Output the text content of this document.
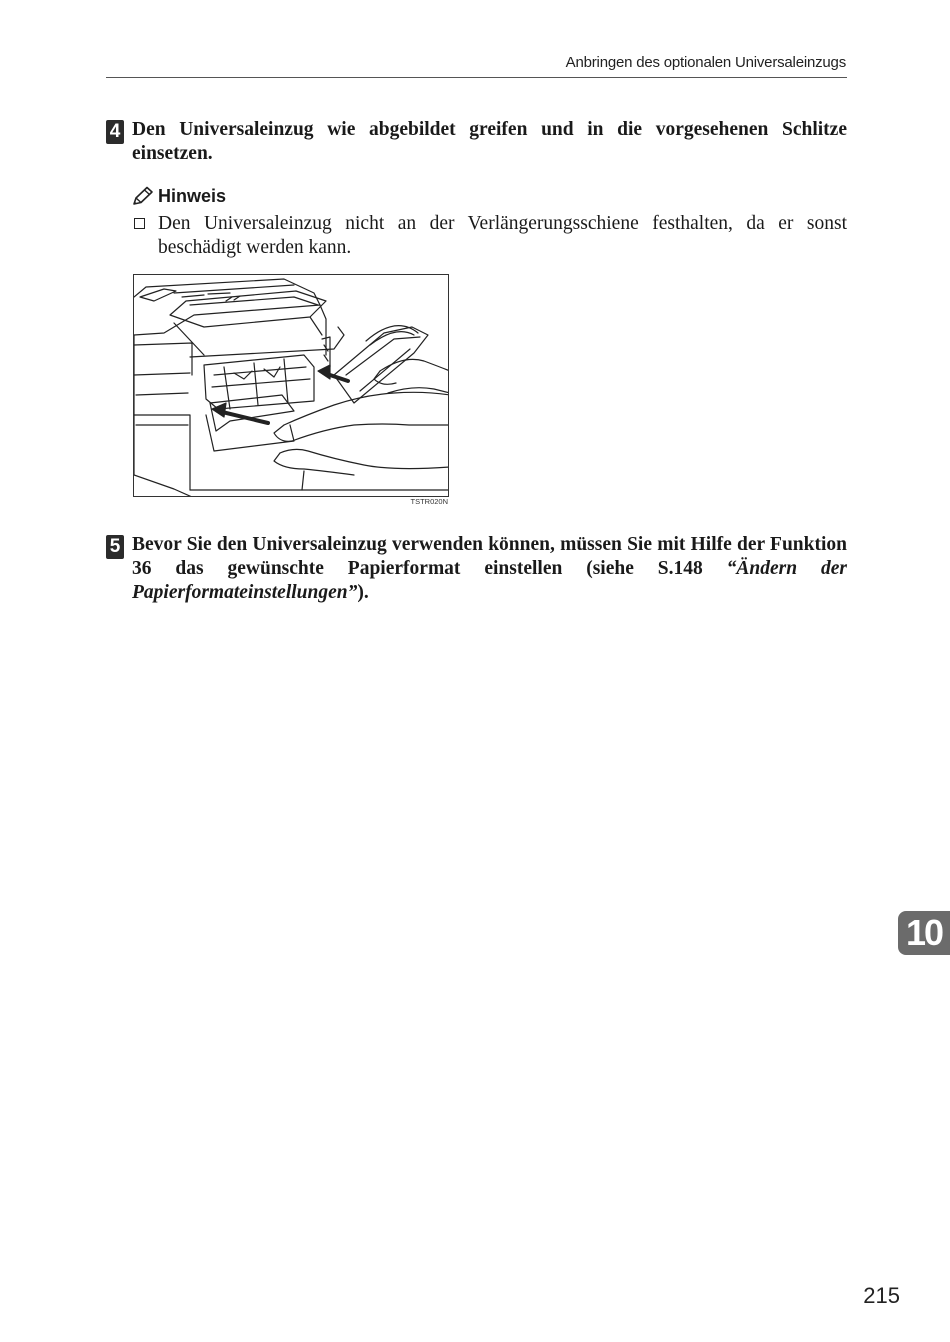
Anbringen des optionalen Universaleinzugs
4 Den Universaleinzug wie abgebildet greifen und in die vorgesehenen Schlitze einsetzen.
Hinweis
Den Universaleinzug nicht an der Verlängerungsschiene festhalten, da er sonst beschädigt werden kann.
TSTR020N
5 Bevor Sie den Universaleinzug verwenden können, müssen Sie mit Hilfe der Funktion 36 das gewünschte Papierformat einstellen (siehe S.148 “Ändern der Papierformateinstellungen”).
10
215
